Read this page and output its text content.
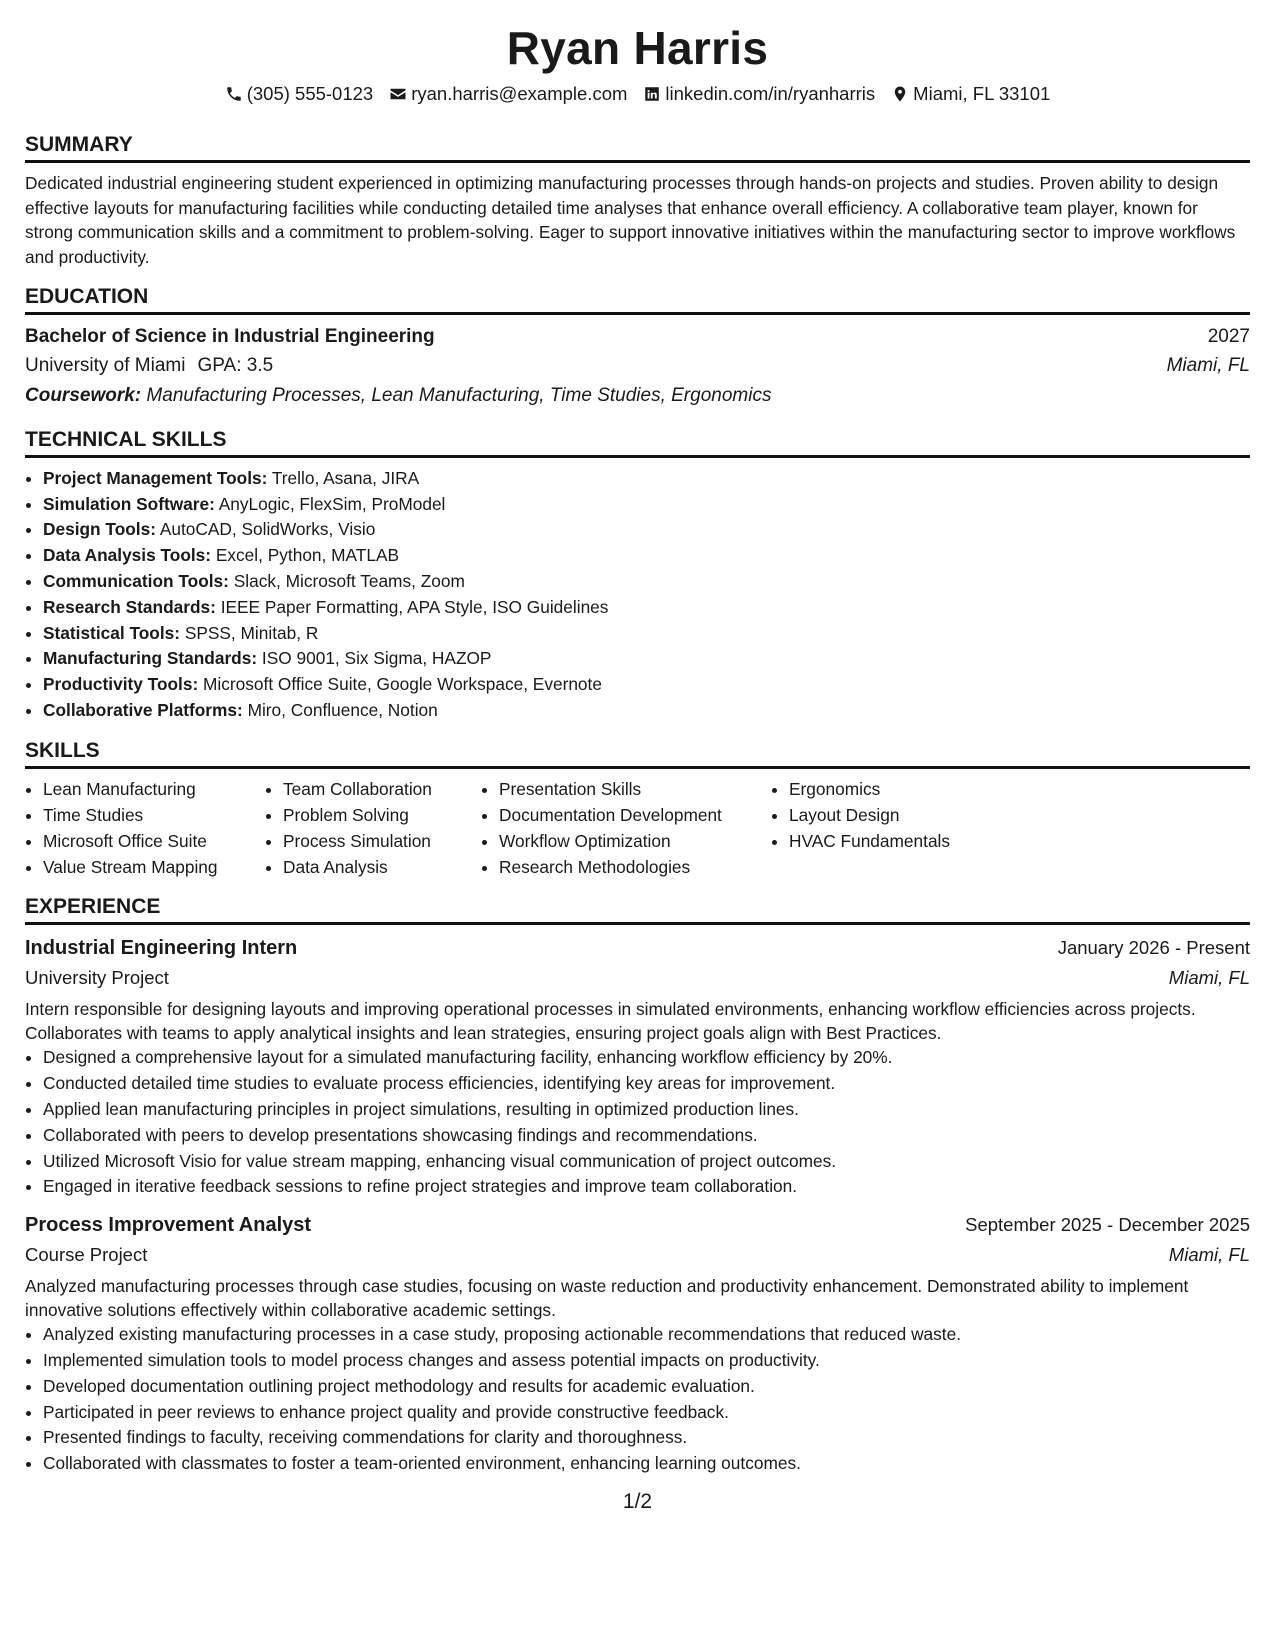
Ryan Harris
(305) 555-0123 ryan.harris@example.com linkedin.com/in/ryanharris Miami, FL 33101
SUMMARY

Dedicated industrial engineering student experienced in optimizing manufacturing processes through hands-on projects and studies. Proven ability to design effective layouts for manufacturing facilities while conducting detailed time analyses that enhance overall efficiency. A collaborative team player, known for strong communication skills and a commitment to problem-solving. Eager to support innovative initiatives within the manufacturing sector to improve workflows and productivity.

EDUCATION
Bachelor of Science in Industrial Engineering	2027
University of Miami GPA: 3.5	Miami, FL
Coursework: Manufacturing Processes, Lean Manufacturing, Time Studies, Ergonomics
TECHNICAL SKILLS
• Project Management Tools: Trello, Asana, JIRA
• Simulation Software: AnyLogic, FlexSim, ProModel
• Design Tools: AutoCAD, SolidWorks, Visio
• Data Analysis Tools: Excel, Python, MATLAB
• Communication Tools: Slack, Microsoft Teams, Zoom
• Research Standards: IEEE Paper Formatting, APA Style, ISO Guidelines
• Statistical Tools: SPSS, Minitab, R
• Manufacturing Standards: ISO 9001, Six Sigma, HAZOP
• Productivity Tools: Microsoft Office Suite, Google Workspace, Evernote
• Collaborative Platforms: Miro, Confluence, Notion
SKILLS
• Lean Manufacturing
• Time Studies
• Microsoft Office Suite
• Value Stream Mapping
• Team Collaboration
• Problem Solving
• Process Simulation
• Data Analysis
• Presentation Skills
• Documentation Development
• Workflow Optimization
• Research Methodologies
• Ergonomics
• Layout Design
• HVAC Fundamentals
EXPERIENCE
Industrial Engineering Intern	January 2026 - Present
University Project	Miami, FL

Intern responsible for designing layouts and improving operational processes in simulated environments, enhancing workflow efficiencies across projects. Collaborates with teams to apply analytical insights and lean strategies, ensuring project goals align with Best Practices.

• Designed a comprehensive layout for a simulated manufacturing facility, enhancing workflow efficiency by 20%.
• Conducted detailed time studies to evaluate process efficiencies, identifying key areas for improvement.
• Applied lean manufacturing principles in project simulations, resulting in optimized production lines.
• Collaborated with peers to develop presentations showcasing findings and recommendations.
• Utilized Microsoft Visio for value stream mapping, enhancing visual communication of project outcomes.
• Engaged in iterative feedback sessions to refine project strategies and improve team collaboration.
Process Improvement Analyst	September 2025 - December 2025
Course Project	Miami, FL

Analyzed manufacturing processes through case studies, focusing on waste reduction and productivity enhancement. Demonstrated ability to implement innovative solutions effectively within collaborative academic settings.

• Analyzed existing manufacturing processes in a case study, proposing actionable recommendations that reduced waste.
• Implemented simulation tools to model process changes and assess potential impacts on productivity.
• Developed documentation outlining project methodology and results for academic evaluation.
• Participated in peer reviews to enhance project quality and provide constructive feedback.
• Presented findings to faculty, receiving commendations for clarity and thoroughness.
• Collaborated with classmates to foster a team-oriented environment, enhancing learning outcomes.
1/2
